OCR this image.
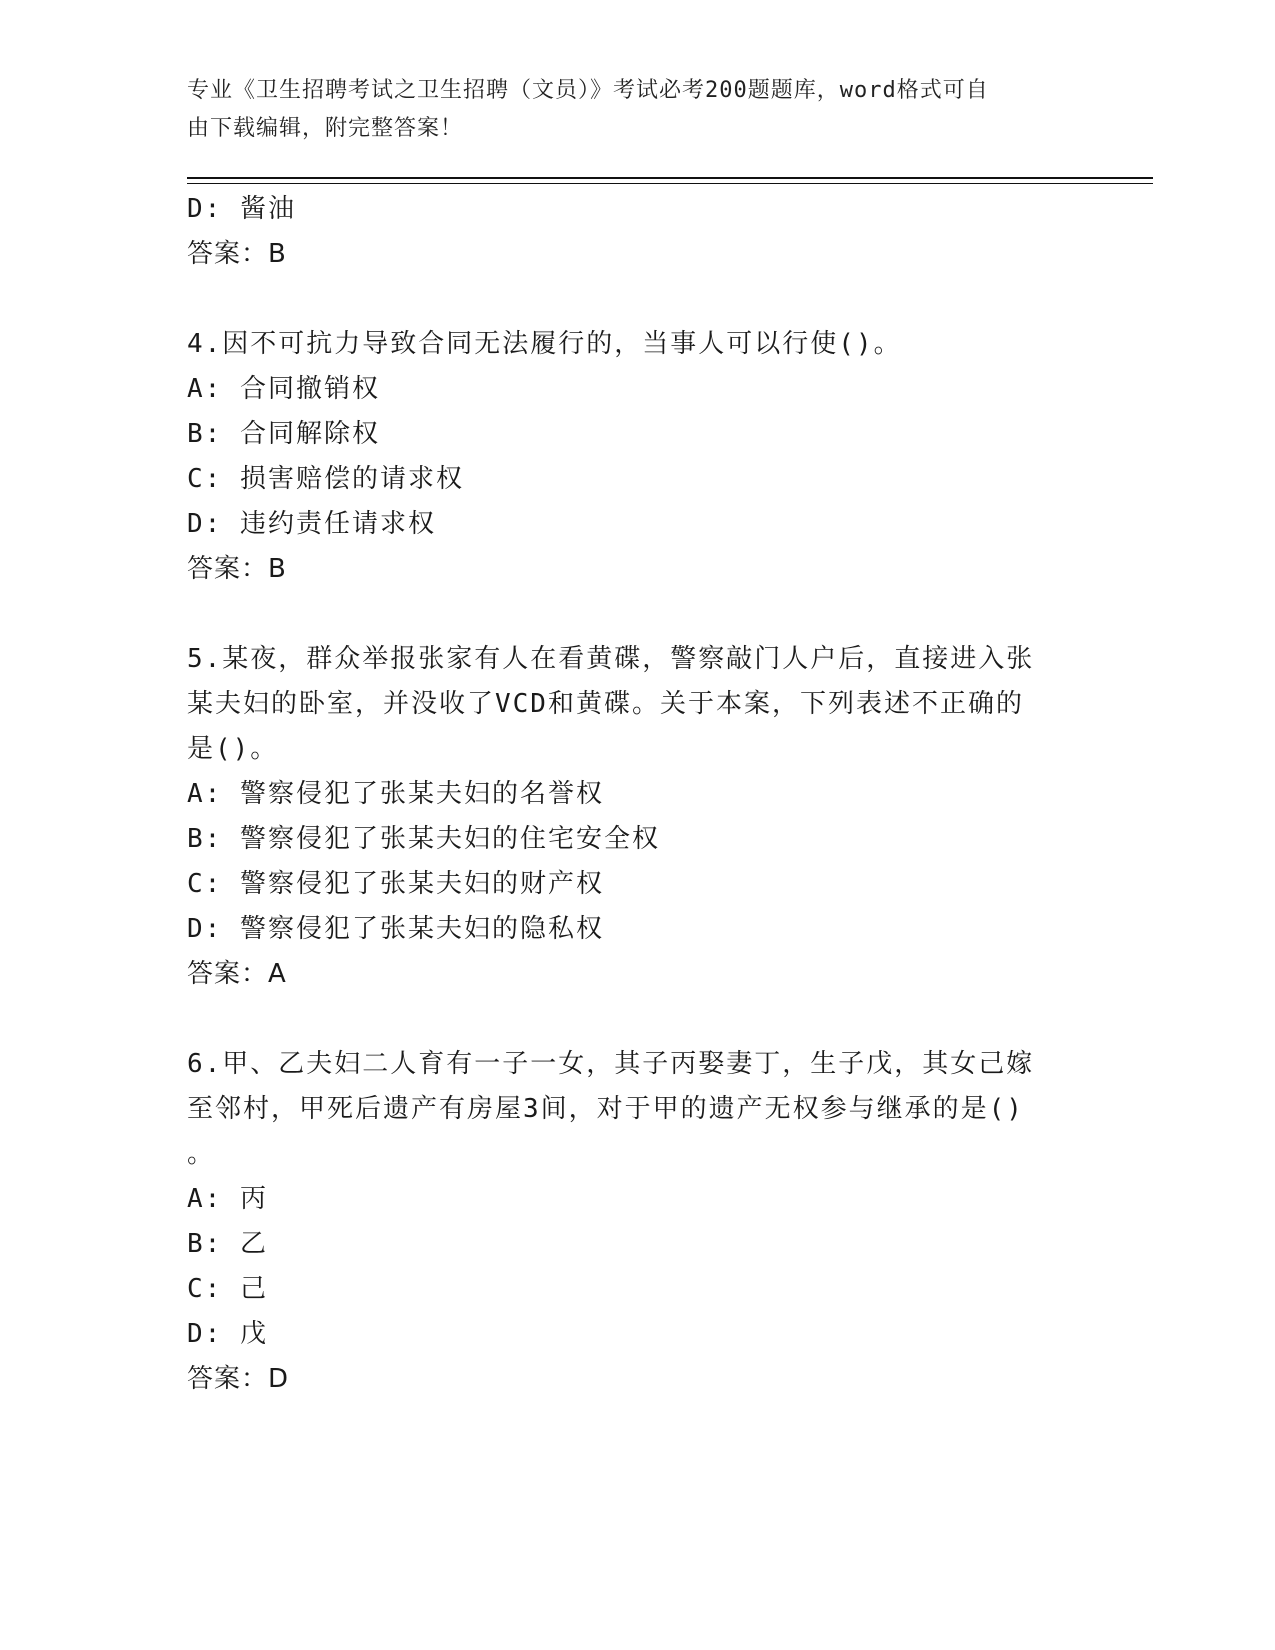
专业《卫生招聘考试之卫生招聘（文员）》考试必考200题题库，word格式可自
由下载编辑，附完整答案！
D: 酱油
答案：B
4.因不可抗力导致合同无法履行的，当事人可以行使()。
A: 合同撤销权
B: 合同解除权
C: 损害赔偿的请求权
D: 违约责任请求权
答案：B
5.某夜，群众举报张家有人在看黄碟，警察敲门人户后，直接进入张
某夫妇的卧室，并没收了VCD和黄碟。关于本案，下列表述不正确的
是()。
A: 警察侵犯了张某夫妇的名誉权
B: 警察侵犯了张某夫妇的住宅安全权
C: 警察侵犯了张某夫妇的财产权
D: 警察侵犯了张某夫妇的隐私权
答案：A
6.甲、乙夫妇二人育有一子一女，其子丙娶妻丁，生子戊，其女己嫁
至邻村，甲死后遗产有房屋3间，对于甲的遗产无权参与继承的是()
。
A: 丙
B: 乙
C: 己
D: 戊
答案：D
